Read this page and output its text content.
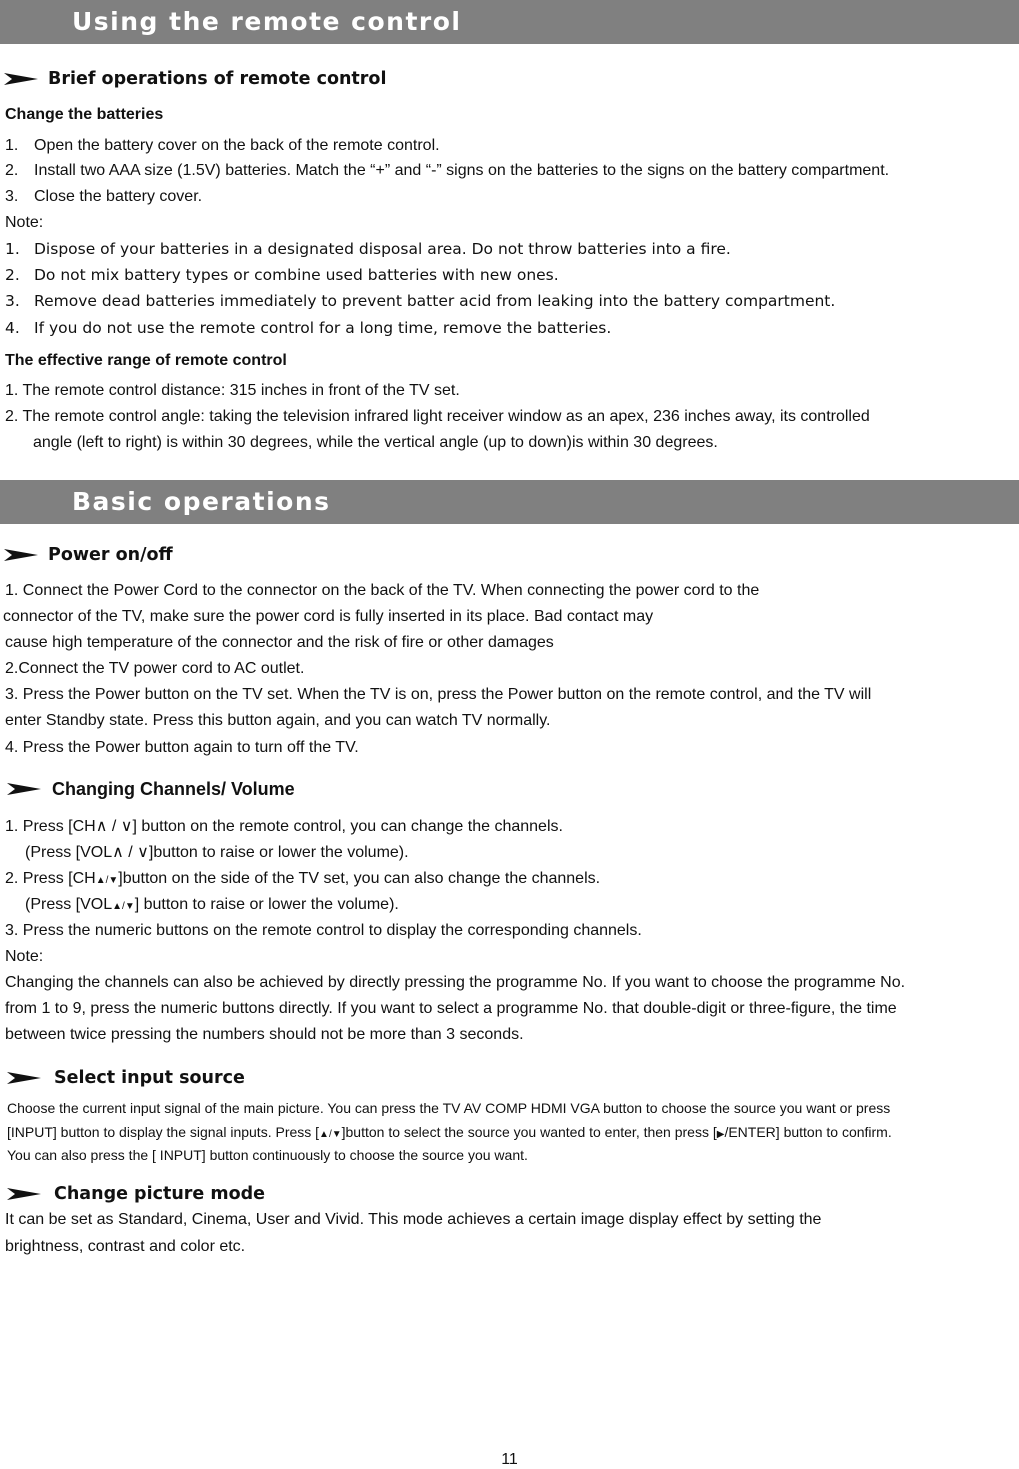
Using the remote control
Brief operations of remote control
Change the batteries
1. Open the battery cover on the back of the remote control.
2. Install two AAA size (1.5V) batteries. Match the “+” and “-” signs on the batteries to the signs on the battery compartment.
3. Close the battery cover.
Note:
1. Dispose of your batteries in a designated disposal area. Do not throw batteries into a fire.
2. Do not mix battery types or combine used batteries with new ones.
3. Remove dead batteries immediately to prevent batter acid from leaking into the battery compartment.
4. If you do not use the remote control for a long time, remove the batteries.
The effective range of remote control
1. The remote control distance: 315 inches in front of the TV set.
2. The remote control angle: taking the television infrared light receiver window as an apex, 236 inches away, its controlled
angle (left to right) is within 30 degrees, while the vertical angle (up to down)is within 30 degrees.
Basic operations
Power on/off
1. Connect the Power Cord to the connector on the back of the TV. When connecting the power cord to the
connector of the TV, make sure the power cord is fully inserted in its place. Bad contact may
cause high temperature of the connector and the risk of fire or other damages
2.Connect the TV power cord to AC outlet.
3. Press the Power button on the TV set. When the TV is on, press the Power button on the remote control, and the TV will
enter Standby state. Press this button again, and you can watch TV normally.
4. Press the Power button again to turn off the TV.
Changing Channels/ Volume
1. Press [CH∧ / ∨] button on the remote control, you can change the channels.
(Press [VOL∧ / ∨]button to raise or lower the volume).
2. Press [CH▲/▼]button on the side of the TV set, you can also change the channels.
(Press [VOL▲/▼] button to raise or lower the volume).
3. Press the numeric buttons on the remote control to display the corresponding channels.
Note:
Changing the channels can also be achieved by directly pressing the programme No. If you want to choose the programme No.
from 1 to 9, press the numeric buttons directly. If you want to select a programme No. that double-digit or three-figure, the time
between twice pressing the numbers should not be more than 3 seconds.
Select input source
Choose the current input signal of the main picture. You can press the TV AV COMP HDMI VGA button to choose the source you want or press
[INPUT] button to display the signal inputs. Press [▲/▼]button to select the source you wanted to enter, then press [▶/ENTER] button to confirm.
You can also press the [ INPUT] button continuously to choose the source you want.
Change picture mode
It can be set as Standard, Cinema, User and Vivid. This mode achieves a certain image display effect by setting the
brightness, contrast and color etc.
11
